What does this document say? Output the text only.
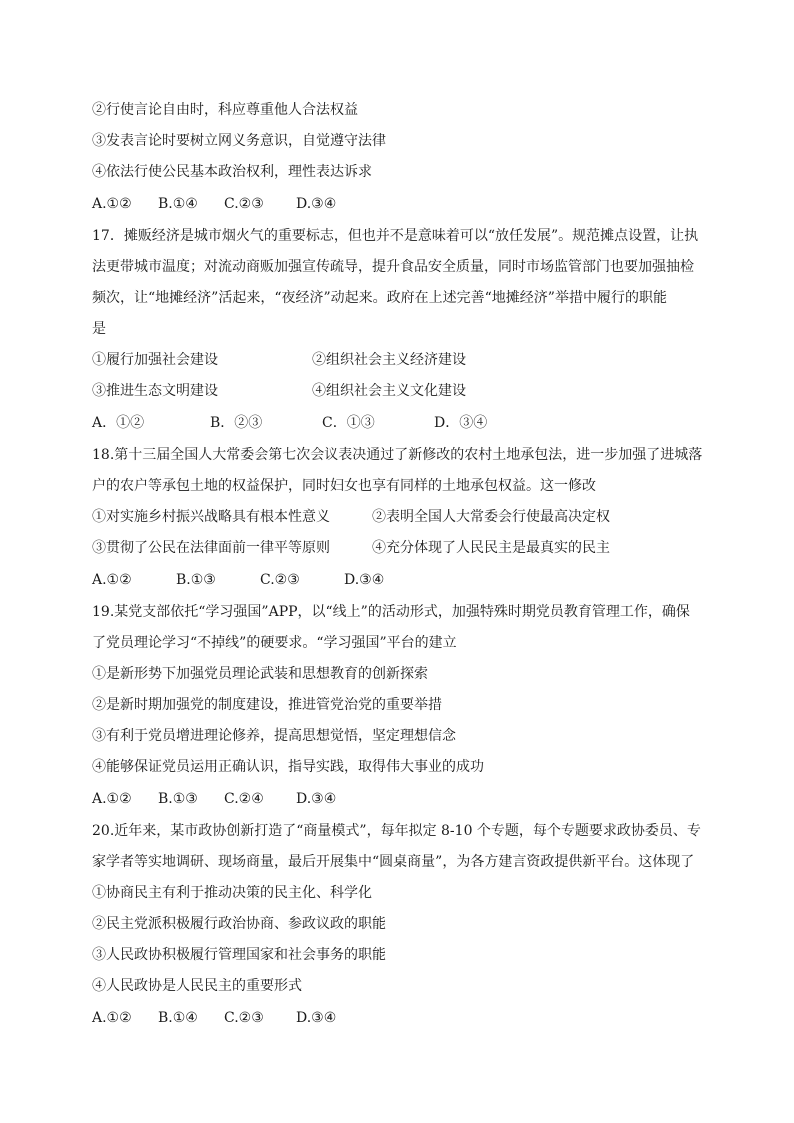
②行使言论自由时，科应尊重他人合法权益
③发表言论时要树立网义务意识，自觉遵守法律
④依法行使公民基本政治权利，理性表达诉求
A.①② B.①④ C.②③ D.③④
17．摊贩经济是城市烟火气的重要标志，但也并不是意味着可以“放任发展”。规范摊点设置，让执
法更带城市温度；对流动商贩加强宣传疏导，提升食品安全质量，同时市场监管部门也要加强抽检
频次，让“地摊经济”活起来，“夜经济”动起来。政府在上述完善“地摊经济”举措中履行的职能
是
①履行加强社会建设	②组织社会主义经济建设
③推进生态文明建设	④组织社会主义文化建设
A．①②	B．②③	C．①③	D．③④
18.第十三届全国人大常委会第七次会议表决通过了新修改的农村土地承包法，进一步加强了进城落
户的农户等承包土地的权益保护，同时妇女也享有同样的土地承包权益。这一修改
①对实施乡村振兴战略具有根本性意义	②表明全国人大常委会行使最高决定权
③贯彻了公民在法律面前一律平等原则	④充分体现了人民民主是最真实的民主
A.①②	B.①③	C.②③	D.③④
19.某党支部依托“学习强国”APP，以“线上”的活动形式，加强特殊时期党员教育管理工作，确保
了党员理论学习“不掉线”的硬要求。“学习强国”平台的建立
①是新形势下加强党员理论武装和思想教育的创新探索
②是新时期加强党的制度建设，推进管党治党的重要举措
③有利于党员增进理论修养，提高思想觉悟，坚定理想信念
④能够保证党员运用正确认识，指导实践，取得伟大事业的成功
A.①② B.①③ C.②④ D.③④
20.近年来，某市政协创新打造了“商量模式”，每年拟定 8-10 个专题，每个专题要求政协委员、专
家学者等实地调研、现场商量，最后开展集中“圆桌商量”，为各方建言资政提供新平台。这体现了
①协商民主有利于推动决策的民主化、科学化
②民主党派积极履行政治协商、参政议政的职能
③人民政协积极履行管理国家和社会事务的职能
④人民政协是人民民主的重要形式
A.①② B.①④ C.②③ D.③④
